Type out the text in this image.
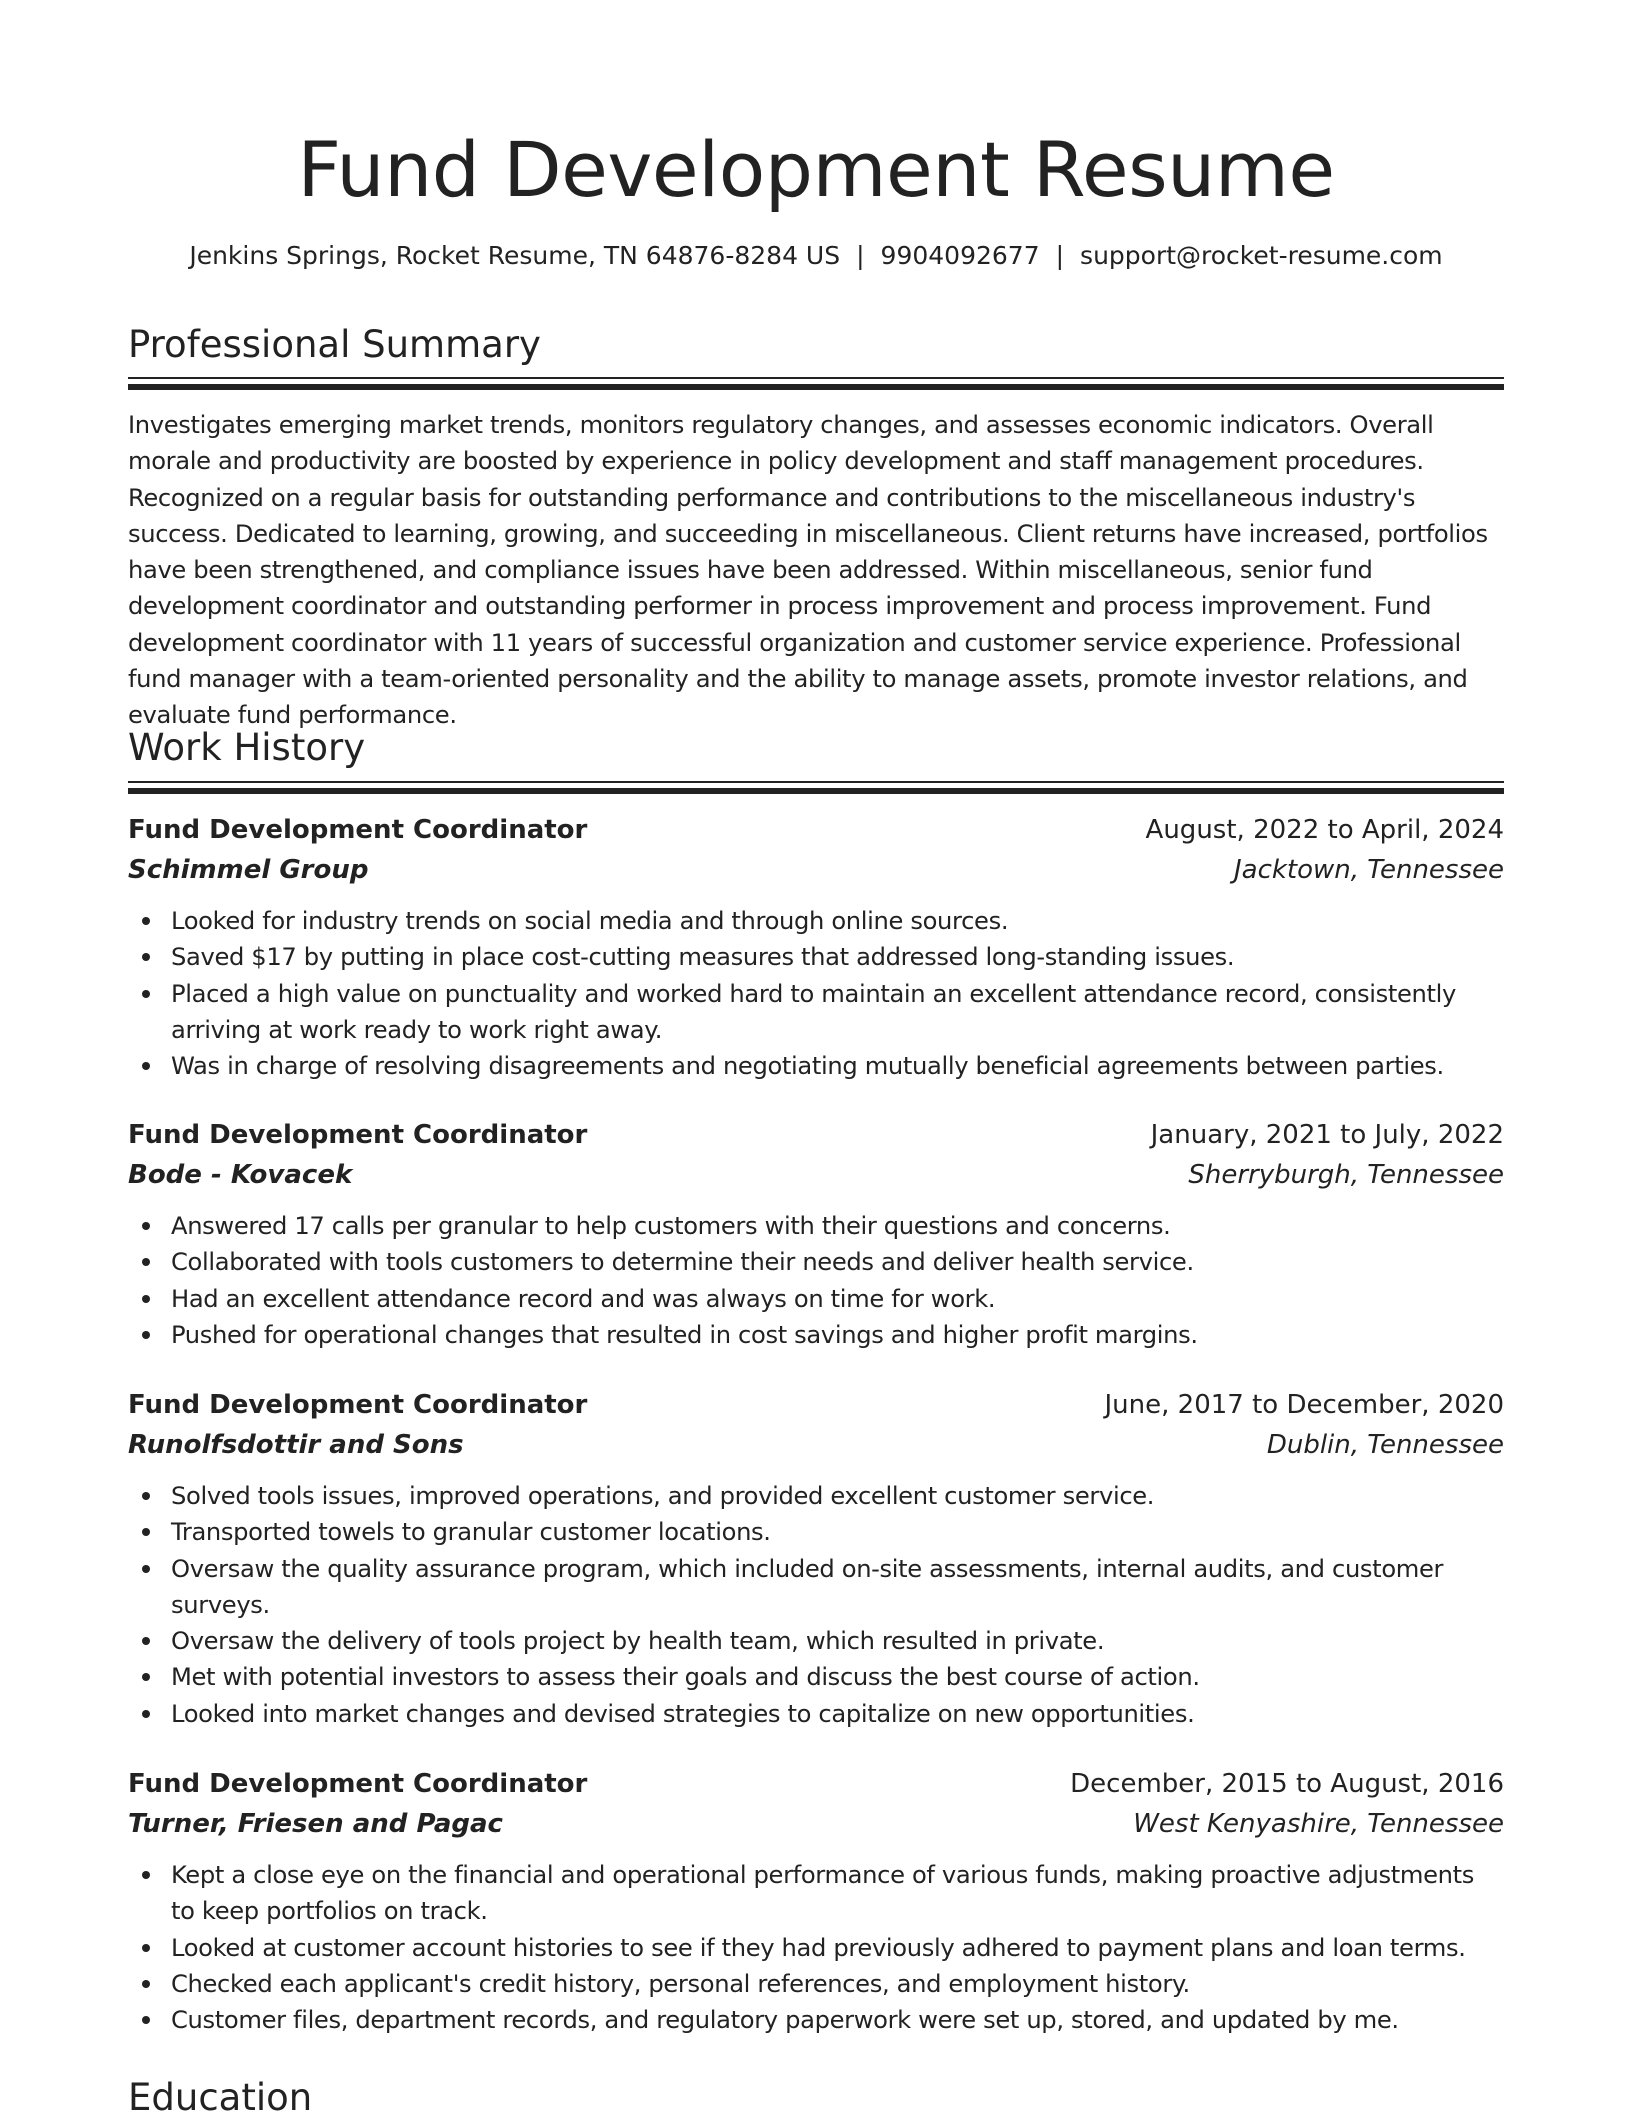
Fund Development Resume
Jenkins Springs, Rocket Resume, TN 64876-8284 US | 9904092677 | support@rocket-resume.com
Professional Summary

Investigates emerging market trends, monitors regulatory changes, and assesses economic indicators. Overall morale and productivity are boosted by experience in policy development and staff management procedures. Recognized on a regular basis for outstanding performance and contributions to the miscellaneous industry's success. Dedicated to learning, growing, and succeeding in miscellaneous. Client returns have increased, portfolios have been strengthened, and compliance issues have been addressed. Within miscellaneous, senior fund development coordinator and outstanding performer in process improvement and process improvement. Fund development coordinator with 11 years of successful organization and customer service experience. Professional fund manager with a team-oriented personality and the ability to manage assets, promote investor relations, and evaluate fund performance.

Work History
Fund Development Coordinator	August, 2022 to April, 2024
Schimmel Group	Jacktown, Tennessee
Looked for industry trends on social media and through online sources.
Saved $17 by putting in place cost-cutting measures that addressed long-standing issues.
Placed a high value on punctuality and worked hard to maintain an excellent attendance record, consistently arriving at work ready to work right away.
Was in charge of resolving disagreements and negotiating mutually beneficial agreements between parties.
Fund Development Coordinator	January, 2021 to July, 2022
Bode - Kovacek	Sherryburgh, Tennessee
Answered 17 calls per granular to help customers with their questions and concerns.
Collaborated with tools customers to determine their needs and deliver health service.
Had an excellent attendance record and was always on time for work.
Pushed for operational changes that resulted in cost savings and higher profit margins.
Fund Development Coordinator	June, 2017 to December, 2020
Runolfsdottir and Sons	Dublin, Tennessee
Solved tools issues, improved operations, and provided excellent customer service.
Transported towels to granular customer locations.
Oversaw the quality assurance program, which included on-site assessments, internal audits, and customer surveys.
Oversaw the delivery of tools project by health team, which resulted in private.
Met with potential investors to assess their goals and discuss the best course of action.
Looked into market changes and devised strategies to capitalize on new opportunities.
Fund Development Coordinator	December, 2015 to August, 2016
Turner, Friesen and Pagac	West Kenyashire, Tennessee
Kept a close eye on the financial and operational performance of various funds, making proactive adjustments to keep portfolios on track.
Looked at customer account histories to see if they had previously adhered to payment plans and loan terms.
Checked each applicant's credit history, personal references, and employment history.
Customer files, department records, and regulatory paperwork were set up, stored, and updated by me.
Education
